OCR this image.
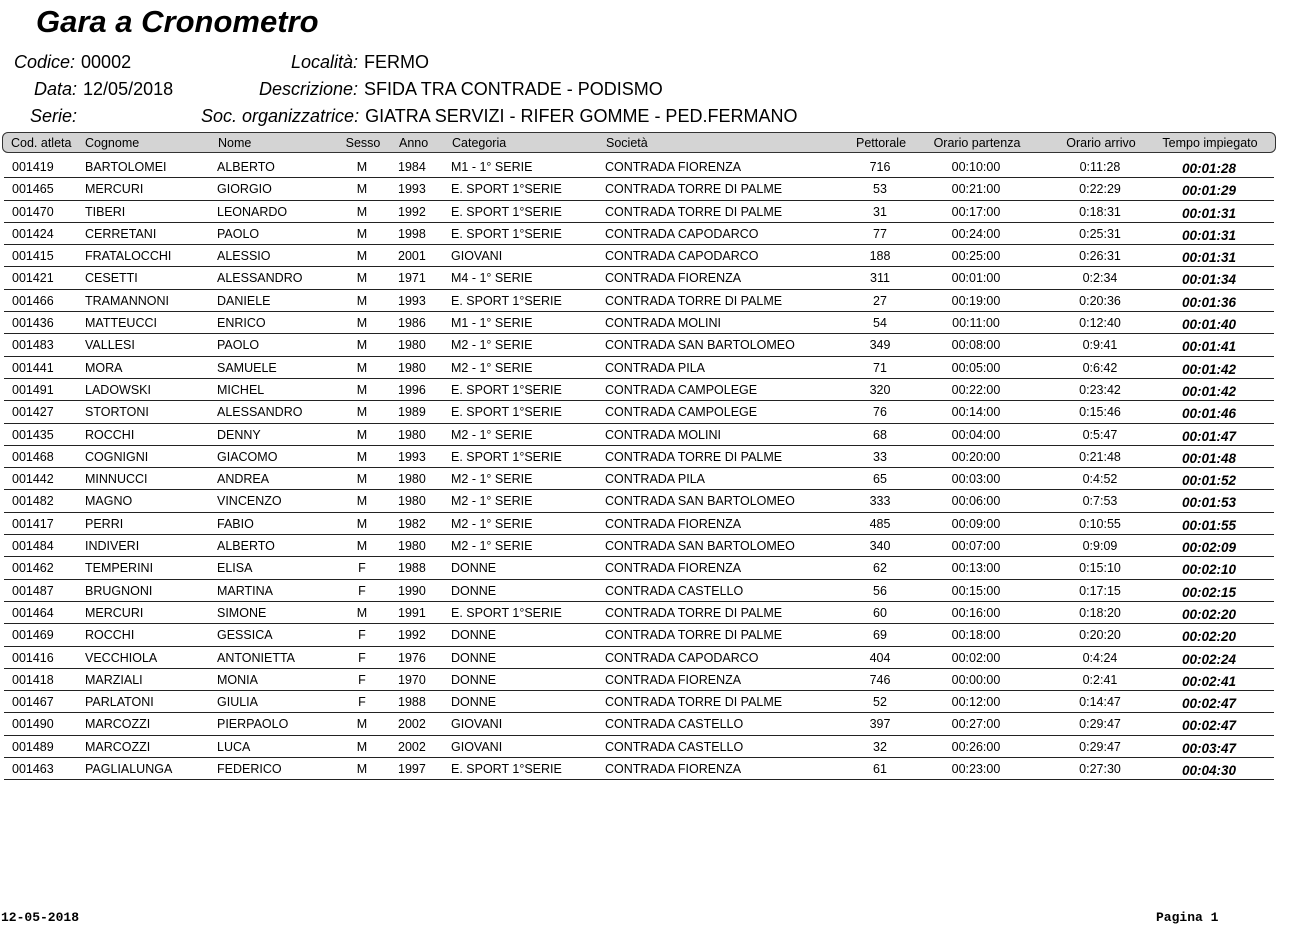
Gara a Cronometro
Codice: 00002
Data: 12/05/2018
Serie:
Località: FERMO
Descrizione: SFIDA TRA CONTRADE - PODISMO
Soc. organizzatrice: GIATRA SERVIZI - RIFER GOMME - PED.FERMANO
Cod. atleta Cognome	Nome	Sesso Anno Categoria	Società	Pettorale	Orario partenza	Orario arrivo	Tempo impiegato
001419	BARTOLOMEI	ALBERTO	M	1984 M1 - 1° SERIE	CONTRADA FIORENZA	716	00:10:00	0:11:28	00:01:28
001465	MERCURI	GIORGIO	M	1993 E. SPORT 1°SERIE	CONTRADA TORRE DI PALME	53	00:21:00	0:22:29	00:01:29
001470	TIBERI	LEONARDO	M	1992 E. SPORT 1°SERIE	CONTRADA TORRE DI PALME	31	00:17:00	0:18:31	00:01:31
001424	CERRETANI	PAOLO	M	1998 E. SPORT 1°SERIE	CONTRADA CAPODARCO	77	00:24:00	0:25:31	00:01:31
001415	FRATALOCCHI	ALESSIO	M	2001 GIOVANI	CONTRADA CAPODARCO	188	00:25:00	0:26:31	00:01:31
001421	CESETTI	ALESSANDRO	M	1971 M4 - 1° SERIE	CONTRADA FIORENZA	311	00:01:00	0:2:34	00:01:34
001466	TRAMANNONI	DANIELE	M	1993 E. SPORT 1°SERIE	CONTRADA TORRE DI PALME	27	00:19:00	0:20:36	00:01:36
001436	MATTEUCCI	ENRICO	M	1986 M1 - 1° SERIE	CONTRADA MOLINI	54	00:11:00	0:12:40	00:01:40
001483	VALLESI	PAOLO	M	1980 M2 - 1° SERIE	CONTRADA SAN BARTOLOMEO	349	00:08:00	0:9:41	00:01:41
001441	MORA	SAMUELE	M	1980 M2 - 1° SERIE	CONTRADA PILA	71	00:05:00	0:6:42	00:01:42
001491	LADOWSKI	MICHEL	M	1996 E. SPORT 1°SERIE	CONTRADA CAMPOLEGE	320	00:22:00	0:23:42	00:01:42
001427	STORTONI	ALESSANDRO	M	1989 E. SPORT 1°SERIE	CONTRADA CAMPOLEGE	76	00:14:00	0:15:46	00:01:46
001435	ROCCHI	DENNY	M	1980 M2 - 1° SERIE	CONTRADA MOLINI	68	00:04:00	0:5:47	00:01:47
001468	COGNIGNI	GIACOMO	M	1993 E. SPORT 1°SERIE	CONTRADA TORRE DI PALME	33	00:20:00	0:21:48	00:01:48
001442	MINNUCCI	ANDREA	M	1980 M2 - 1° SERIE	CONTRADA PILA	65	00:03:00	0:4:52	00:01:52
001482	MAGNO	VINCENZO	M	1980 M2 - 1° SERIE	CONTRADA SAN BARTOLOMEO	333	00:06:00	0:7:53	00:01:53
001417	PERRI	FABIO	M	1982 M2 - 1° SERIE	CONTRADA FIORENZA	485	00:09:00	0:10:55	00:01:55
001484	INDIVERI	ALBERTO	M	1980 M2 - 1° SERIE	CONTRADA SAN BARTOLOMEO	340	00:07:00	0:9:09	00:02:09
001462	TEMPERINI	ELISA	F	1988 DONNE	CONTRADA FIORENZA	62	00:13:00	0:15:10	00:02:10
001487	BRUGNONI	MARTINA	F	1990 DONNE	CONTRADA CASTELLO	56	00:15:00	0:17:15	00:02:15
001464	MERCURI	SIMONE	M	1991 E. SPORT 1°SERIE	CONTRADA TORRE DI PALME	60	00:16:00	0:18:20	00:02:20
001469	ROCCHI	GESSICA	F	1992 DONNE	CONTRADA TORRE DI PALME	69	00:18:00	0:20:20	00:02:20
001416	VECCHIOLA	ANTONIETTA	F	1976 DONNE	CONTRADA CAPODARCO	404	00:02:00	0:4:24	00:02:24
001418	MARZIALI	MONIA	F	1970 DONNE	CONTRADA FIORENZA	746	00:00:00	0:2:41	00:02:41
001467	PARLATONI	GIULIA	F	1988 DONNE	CONTRADA TORRE DI PALME	52	00:12:00	0:14:47	00:02:47
001490	MARCOZZI	PIERPAOLO	M	2002 GIOVANI	CONTRADA CASTELLO	397	00:27:00	0:29:47	00:02:47
001489	MARCOZZI	LUCA	M	2002 GIOVANI	CONTRADA CASTELLO	32	00:26:00	0:29:47	00:03:47
001463	PAGLIALUNGA	FEDERICO	M	1997 E. SPORT 1°SERIE	CONTRADA FIORENZA	61	00:23:00	0:27:30	00:04:30
12-05-2018	Pagina 1
